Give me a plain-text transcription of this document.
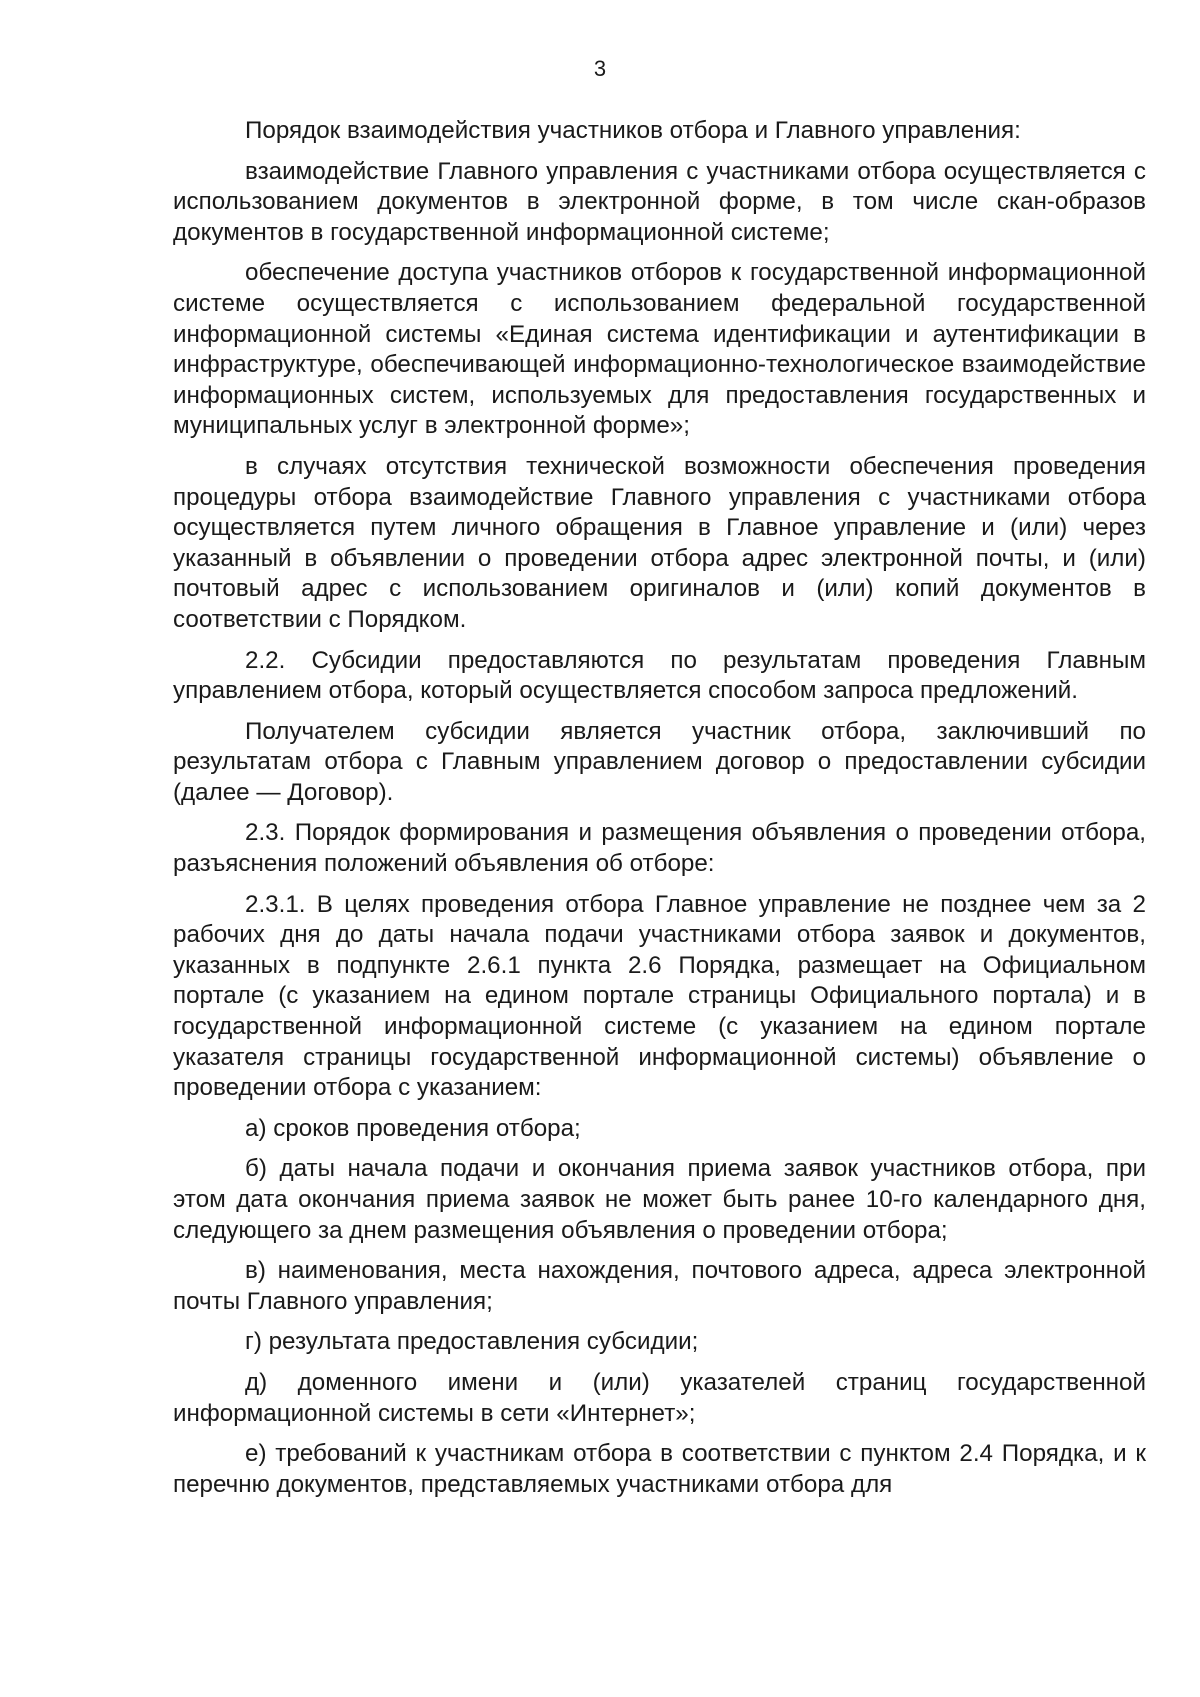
3

Порядок взаимодействия участников отбора и Главного управления:

взаимодействие Главного управления с участниками отбора осуществляется с использованием документов в электронной форме, в том числе скан-образов документов в государственной информационной системе;

обеспечение доступа участников отборов к государственной информационной системе осуществляется с использованием федеральной государственной информационной системы «Единая система идентификации и аутентификации в инфраструктуре, обеспечивающей информационно-технологическое взаимодействие информационных систем, используемых для предоставления государственных и муниципальных услуг в электронной форме»;

в случаях отсутствия технической возможности обеспечения проведения процедуры отбора взаимодействие Главного управления с участниками отбора осуществляется путем личного обращения в Главное управление и (или) через указанный в объявлении о проведении отбора адрес электронной почты, и (или) почтовый адрес с использованием оригиналов и (или) копий документов в соответствии с Порядком.

2.2. Субсидии предоставляются по результатам проведения Главным управлением отбора, который осуществляется способом запроса предложений.

Получателем субсидии является участник отбора, заключивший по результатам отбора с Главным управлением договор о предоставлении субсидии (далее — Договор).

2.3. Порядок формирования и размещения объявления о проведении отбора, разъяснения положений объявления об отборе:

2.3.1. В целях проведения отбора Главное управление не позднее чем за 2 рабочих дня до даты начала подачи участниками отбора заявок и документов, указанных в подпункте 2.6.1 пункта 2.6 Порядка, размещает на Официальном портале (с указанием на едином портале страницы Официального портала) и в государственной информационной системе (с указанием на едином портале указателя страницы государственной информационной системы) объявление о проведении отбора с указанием:

а) сроков проведения отбора;

б) даты начала подачи и окончания приема заявок участников отбора, при этом дата окончания приема заявок не может быть ранее 10-го календарного дня, следующего за днем размещения объявления о проведении отбора;

в) наименования, места нахождения, почтового адреса, адреса электронной почты Главного управления;

г) результата предоставления субсидии;

д) доменного имени и (или) указателей страниц государственной информационной системы в сети «Интернет»;

е) требований к участникам отбора в соответствии с пунктом 2.4 Порядка, и к перечню документов, представляемых участниками отбора для
